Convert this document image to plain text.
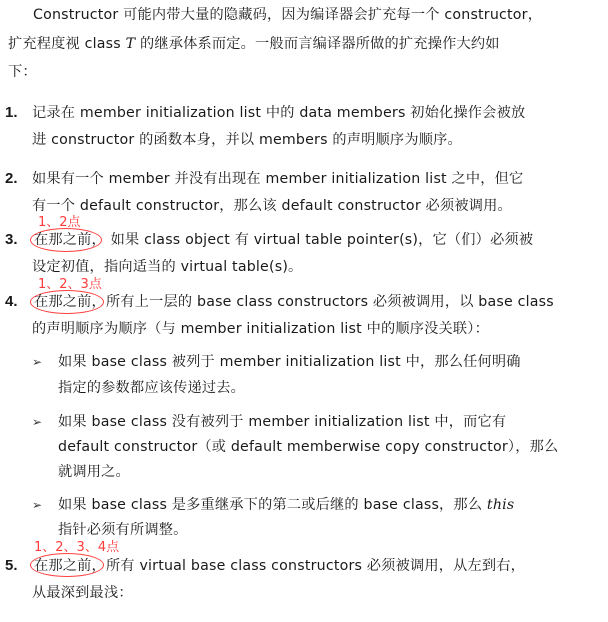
Constructor 可能内带大量的隐藏码，因为编译器会扩充每一个 constructor，
扩充程度视 class T 的继承体系而定。一般而言编译器所做的扩充操作大约如
下：
1. 记录在 member initialization list 中的 data members 初始化操作会被放
进 constructor 的函数本身，并以 members 的声明顺序为顺序。
2. 如果有一个 member 并没有出现在 member initialization list 之中，但它
有一个 default constructor，那么该 default constructor 必须被调用。
1、2点
3. 在那之前， 如果 class object 有 virtual table pointer(s)，它（们）必须被
设定初值，指向适当的 virtual table(s)。
1、2、3点
4. 在那之前，所有上一层的 base class constructors 必须被调用，以 base class
的声明顺序为顺序（与 member initialization list 中的顺序没关联）：
➢ 如果 base class 被列于 member initialization list 中，那么任何明确
指定的参数都应该传递过去。
➢ 如果 base class 没有被列于 member initialization list 中，而它有
default constructor（或 default memberwise copy constructor），那么
就调用之。
➢ 如果 base class 是多重继承下的第二或后继的 base class，那么 this
指针必须有所调整。
1、2、3、4点
5. 在那之前，所有 virtual base class constructors 必须被调用，从左到右，
从最深到最浅：
